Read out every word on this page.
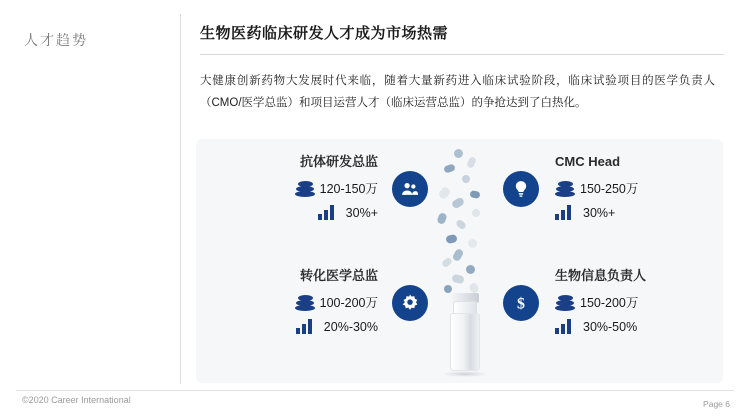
人才趋势	生物医药临床研发人才成为市场热需
大健康创新药物大发展时代来临，随着大量新药进入临床试验阶段，临床试验项目的医学负责人（CMO/医学总监）和项目运营人才（临床运营总监）的争抢达到了白热化。
抗体研发总监
120-150万
30%+
转化医学总监
100-200万
20%-30%
CMC Head
150-250万
30%+
生物信息负责人
150-200万
30%-50%
$
©2020 Career International	Page 6
